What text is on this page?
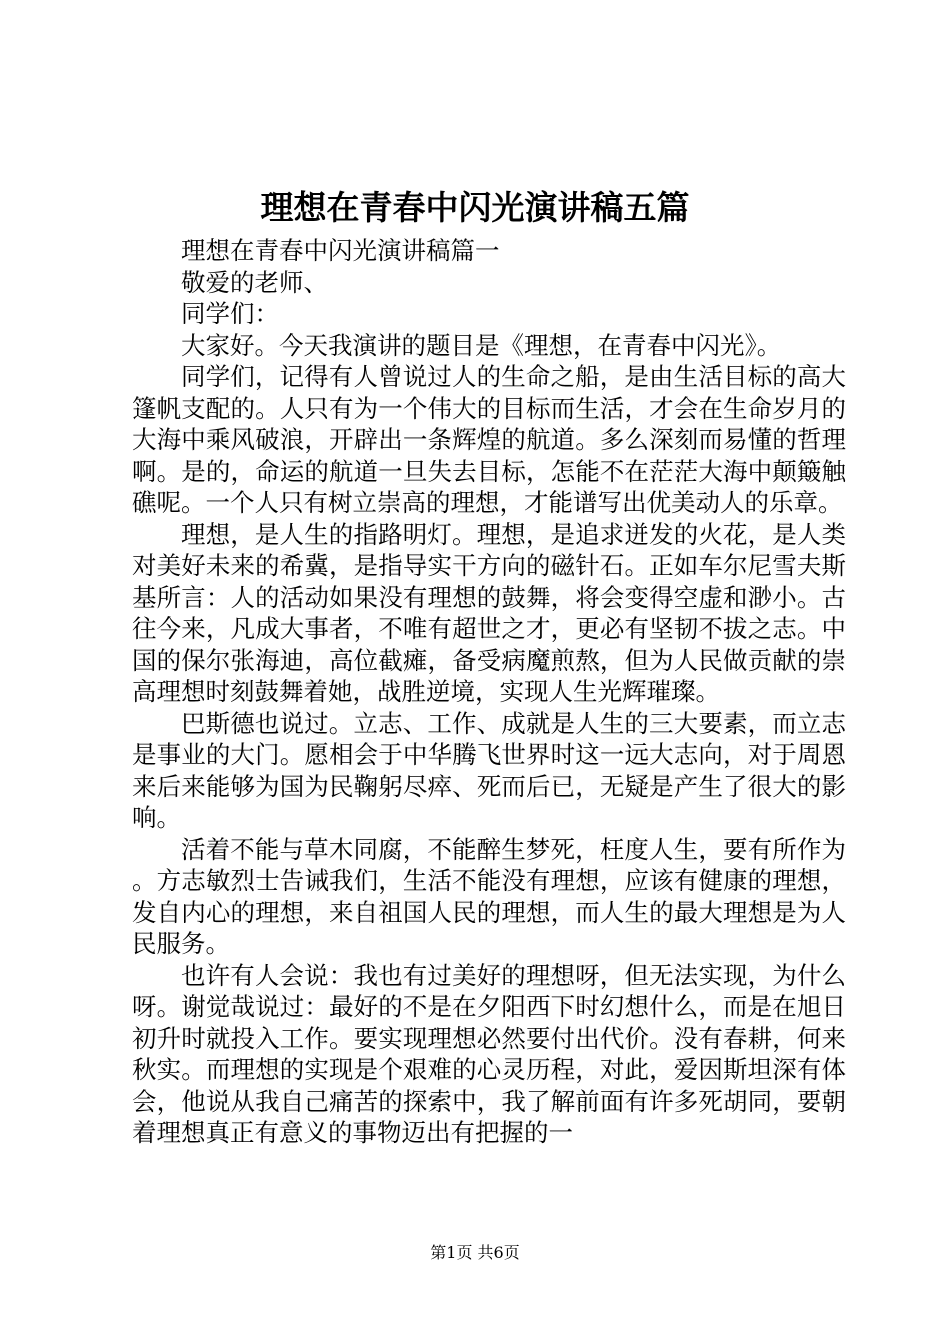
理想在青春中闪光演讲稿五篇

理想在青春中闪光演讲稿篇一

敬爱的老师、

同学们：

大家好。今天我演讲的题目是《理想，在青春中闪光》。

同学们，记得有人曾说过人的生命之船，是由生活目标的高大篷帆支配的。人只有为一个伟大的目标而生活，才会在生命岁月的大海中乘风破浪，开辟出一条辉煌的航道。多么深刻而易懂的哲理啊。是的，命运的航道一旦失去目标，怎能不在茫茫大海中颠簸触礁呢。一个人只有树立崇高的理想，才能谱写出优美动人的乐章。

理想，是人生的指路明灯。理想，是追求迸发的火花，是人类对美好未来的希冀，是指导实干方向的磁针石。正如车尔尼雪夫斯基所言：人的活动如果没有理想的鼓舞，将会变得空虚和渺小。古往今来，凡成大事者，不唯有超世之才，更必有坚韧不拔之志。中国的保尔张海迪，高位截瘫，备受病魔煎熬，但为人民做贡献的崇高理想时刻鼓舞着她，战胜逆境，实现人生光辉璀璨。

巴斯德也说过。立志、工作、成就是人生的三大要素，而立志是事业的大门。愿相会于中华腾飞世界时这一远大志向，对于周恩来后来能够为国为民鞠躬尽瘁、死而后已，无疑是产生了很大的影响。

活着不能与草木同腐，不能醉生梦死，枉度人生，要有所作为。方志敏烈士告诫我们，生活不能没有理想，应该有健康的理想，发自内心的理想，来自祖国人民的理想，而人生的最大理想是为人民服务。

也许有人会说：我也有过美好的理想呀，但无法实现，为什么呀。谢觉哉说过：最好的不是在夕阳西下时幻想什么，而是在旭日初升时就投入工作。要实现理想必然要付出代价。没有春耕，何来秋实。而理想的实现是个艰难的心灵历程，对此，爱因斯坦深有体会，他说从我自己痛苦的探索中，我了解前面有许多死胡同，要朝着理想真正有意义的事物迈出有把握的一

第1页 共6页
